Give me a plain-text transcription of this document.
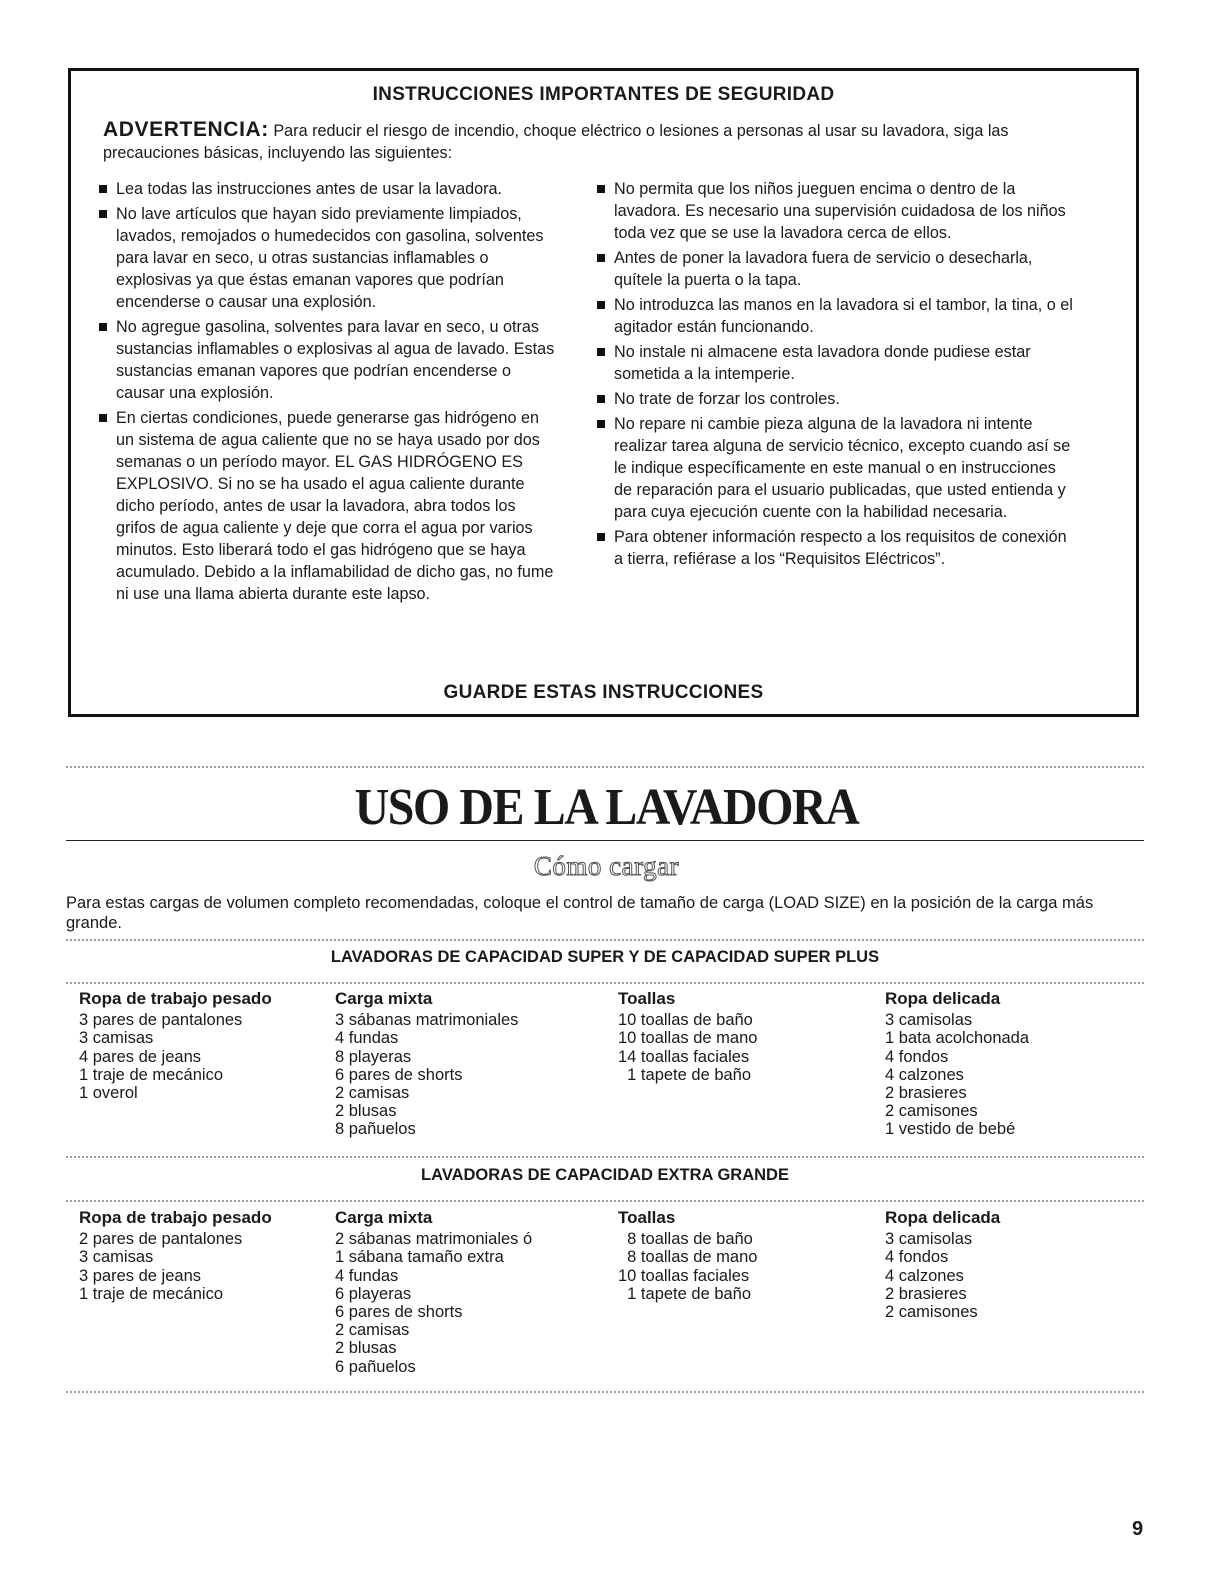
INSTRUCCIONES IMPORTANTES DE SEGURIDAD
ADVERTENCIA: Para reducir el riesgo de incendio, choque eléctrico o lesiones a personas al usar su lavadora, siga las precauciones básicas, incluyendo las siguientes:
Lea todas las instrucciones antes de usar la lavadora.
No lave artículos que hayan sido previamente limpiados, lavados, remojados o humedecidos con gasolina, solventes para lavar en seco, u otras sustancias inflamables o explosivas ya que éstas emanan vapores que podrían encenderse o causar una explosión.
No agregue gasolina, solventes para lavar en seco, u otras sustancias inflamables o explosivas al agua de lavado. Estas sustancias emanan vapores que podrían encenderse o causar una explosión.
En ciertas condiciones, puede generarse gas hidrógeno en un sistema de agua caliente que no se haya usado por dos semanas o un período mayor. EL GAS HIDRÓGENO ES EXPLOSIVO. Si no se ha usado el agua caliente durante dicho período, antes de usar la lavadora, abra todos los grifos de agua caliente y deje que corra el agua por varios minutos. Esto liberará todo el gas hidrógeno que se haya acumulado. Debido a la inflamabilidad de dicho gas, no fume ni use una llama abierta durante este lapso.
No permita que los niños jueguen encima o dentro de la lavadora. Es necesario una supervisión cuidadosa de los niños toda vez que se use la lavadora cerca de ellos.
Antes de poner la lavadora fuera de servicio o desecharla, quítele la puerta o la tapa.
No introduzca las manos en la lavadora si el tambor, la tina, o el agitador están funcionando.
No instale ni almacene esta lavadora donde pudiese estar sometida a la intemperie.
No trate de forzar los controles.
No repare ni cambie pieza alguna de la lavadora ni intente realizar tarea alguna de servicio técnico, excepto cuando así se le indique específicamente en este manual o en instrucciones de reparación para el usuario publicadas, que usted entienda y para cuya ejecución cuente con la habilidad necesaria.
Para obtener información respecto a los requisitos de conexión a tierra, refiérase a los “Requisitos Eléctricos”.
GUARDE ESTAS INSTRUCCIONES
USO DE LA LAVADORA
Cómo cargar
Para estas cargas de volumen completo recomendadas, coloque el control de tamaño de carga (LOAD SIZE) en la posición de la carga más grande.
LAVADORAS DE CAPACIDAD SUPER Y DE CAPACIDAD SUPER PLUS
Ropa de trabajo pesado
3 pares de pantalones
3 camisas
4 pares de jeans
1 traje de mecánico
1 overol
Carga mixta
3 sábanas matrimoniales
4 fundas
8 playeras
6 pares de shorts
2 camisas
2 blusas
8 pañuelos
Toallas
10 toallas de baño
10 toallas de mano
14 toallas faciales
1 tapete de baño
Ropa delicada
3 camisolas
1 bata acolchonada
4 fondos
4 calzones
2 brasieres
2 camisones
1 vestido de bebé
LAVADORAS DE CAPACIDAD EXTRA GRANDE
Ropa de trabajo pesado
2 pares de pantalones
3 camisas
3 pares de jeans
1 traje de mecánico
Carga mixta
2 sábanas matrimoniales ó
1 sábana tamaño extra
4 fundas
6 playeras
6 pares de shorts
2 camisas
2 blusas
6 pañuelos
Toallas
8 toallas de baño
8 toallas de mano
10 toallas faciales
1 tapete de baño
Ropa delicada
3 camisolas
4 fondos
4 calzones
2 brasieres
2 camisones
9
